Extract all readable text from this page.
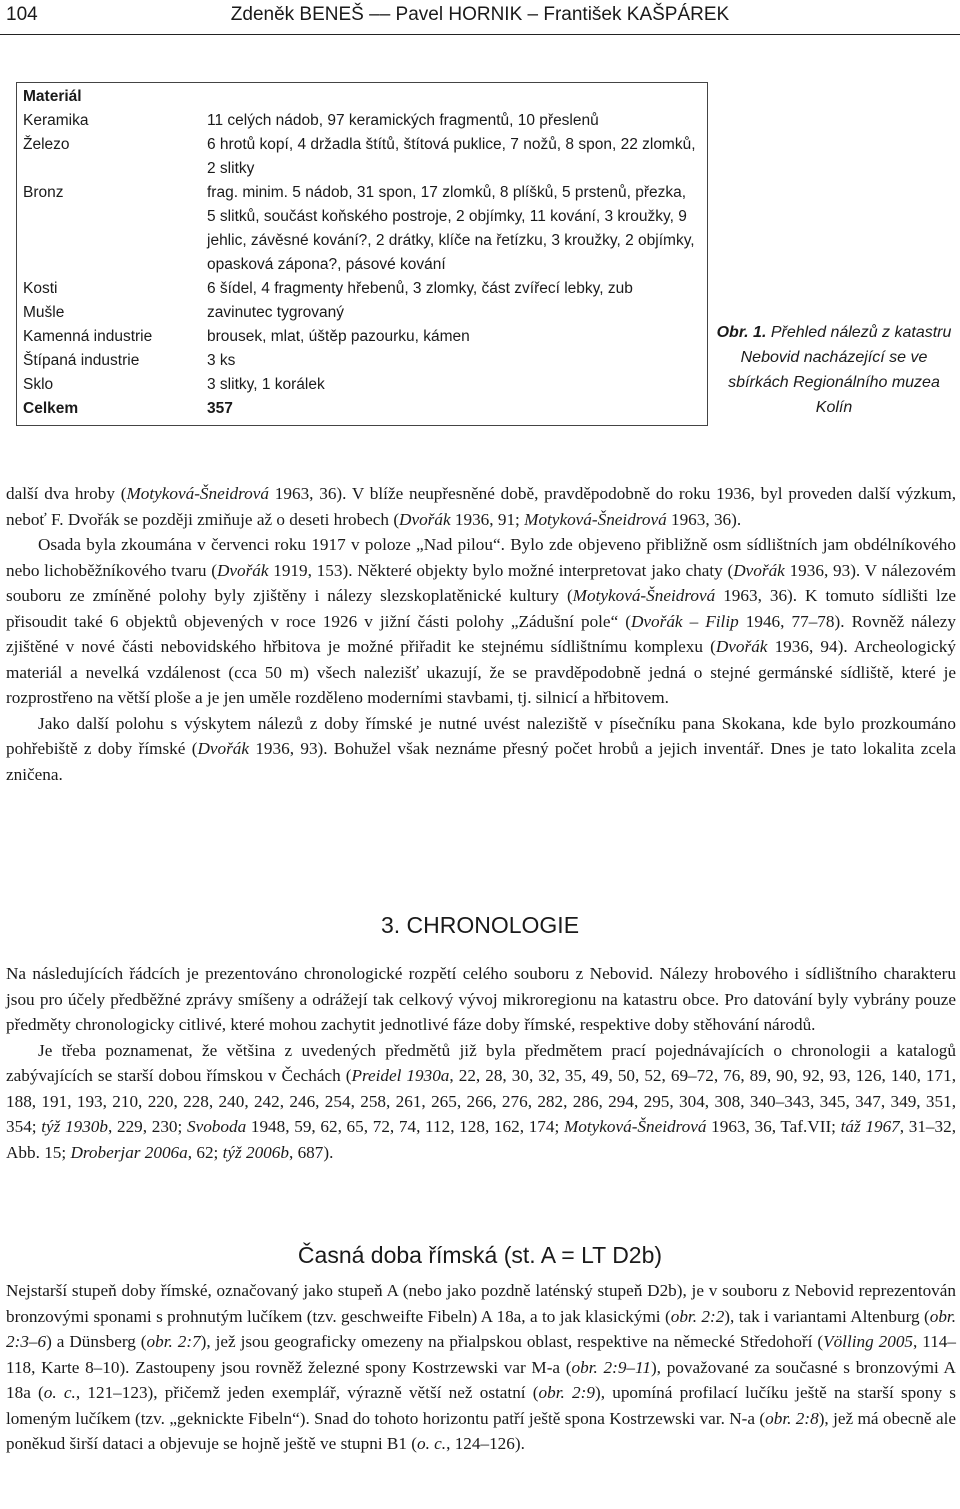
104	Zdeněk BENEŠ –– Pavel HORNIK – František KAŠPÁREK
Materiál	
Keramika	11 celých nádob, 97 keramických fragmentů, 10 přeslenů
Železo	6 hrotů kopí, 4 držadla štítů, štítová puklice, 7 nožů, 8 spon, 22 zlomků, 2 slitky
Bronz	frag. minim. 5 nádob, 31 spon, 17 zlomků, 8 plíšků, 5 prstenů, přezka, 5 slitků, součást koňského postroje, 2 objímky, 11 kování, 3 kroužky, 9 jehlic, závěsné kování?, 2 drátky, klíče na řetízku, 3 kroužky, 2 objímky, opasková zápona?, pásové kování
Kosti	6 šídel, 4 fragmenty hřebenů, 3 zlomky, část zvířecí lebky, zub
Mušle	zavinutec tygrovaný
Kamenná industrie	brousek, mlat, úštěp pazourku, kámen
Štípaná industrie	3 ks
Sklo	3 slitky, 1 korálek
Celkem	357
Obr. 1. Přehled nálezů z katastru Nebovid nacházející se ve sbírkách Regionálního muzea Kolín

další dva hroby (Motyková-Šneidrová 1963, 36). V blíže neupřesněné době, pravděpodobně do roku 1936, byl proveden další výzkum, neboť F. Dvořák se později zmiňuje až o deseti hrobech (Dvořák 1936, 91; Motyková-Šneidrová 1963, 36).

Osada byla zkoumána v červenci roku 1917 v poloze „Nad pilou“. Bylo zde objeveno přibližně osm sídlištních jam obdélníkového nebo lichoběžníkového tvaru (Dvořák 1919, 153). Některé objekty bylo možné interpretovat jako chaty (Dvořák 1936, 93). V nálezovém souboru ze zmíněné polohy byly zjištěny i nálezy slezskoplatěnické kultury (Motyková-Šneidrová 1963, 36). K tomuto sídlišti lze přisoudit také 6 objektů objevených v roce 1926 v jižní části polohy „Zádušní pole“ (Dvořák – Filip 1946, 77–78). Rovněž nálezy zjištěné v nové části nebovidského hřbitova je možné přiřadit ke stejnému sídlištnímu komplexu (Dvořák 1936, 94). Archeologický materiál a nevelká vzdálenost (cca 50 m) všech nalezišť ukazují, že se pravděpodobně jedná o stejné germánské sídliště, které je rozprostřeno na větší ploše a je jen uměle rozděleno moderními stavbami, tj. silnicí a hřbitovem.

Jako další polohu s výskytem nálezů z doby římské je nutné uvést naleziště v písečníku pana Skokana, kde bylo prozkoumáno pohřebiště z doby římské (Dvořák 1936, 93). Bohužel však neznáme přesný počet hrobů a jejich inventář. Dnes je tato lokalita zcela zničena.

3. CHRONOLOGIE

Na následujících řádcích je prezentováno chronologické rozpětí celého souboru z Nebovid. Nálezy hrobového i sídlištního charakteru jsou pro účely předběžné zprávy smíšeny a odrážejí tak celkový vývoj mikroregionu na katastru obce. Pro datování byly vybrány pouze předměty chronologicky citlivé, které mohou zachytit jednotlivé fáze doby římské, respektive doby stěhování národů.

Je třeba poznamenat, že většina z uvedených předmětů již byla předmětem prací pojednávajících o chronologii a katalogů zabývajících se starší dobou římskou v Čechách (Preidel 1930a, 22, 28, 30, 32, 35, 49, 50, 52, 69–72, 76, 89, 90, 92, 93, 126, 140, 171, 188, 191, 193, 210, 220, 228, 240, 242, 246, 254, 258, 261, 265, 266, 276, 282, 286, 294, 295, 304, 308, 340–343, 345, 347, 349, 351, 354; týž 1930b, 229, 230; Svoboda 1948, 59, 62, 65, 72, 74, 112, 128, 162, 174; Motyková-Šneidrová 1963, 36, Taf.VII; táž 1967, 31–32, Abb. 15; Droberjar 2006a, 62; týž 2006b, 687).

Časná doba římská (st. A = LT D2b)

Nejstarší stupeň doby římské, označovaný jako stupeň A (nebo jako pozdně laténský stupeň D2b), je v souboru z Nebovid reprezentován bronzovými sponami s prohnutým lučíkem (tzv. geschweifte Fibeln) A 18a, a to jak klasickými (obr. 2:2), tak i variantami Altenburg (obr. 2:3–6) a Dünsberg (obr. 2:7), jež jsou geograficky omezeny na přialpskou oblast, respektive na německé Středohoří (Völling 2005, 114–118, Karte 8–10). Zastoupeny jsou rovněž železné spony Kostrzewski var M-a (obr. 2:9–11), považované za současné s bronzovými A 18a (o. c., 121–123), přičemž jeden exemplář, výrazně větší než ostatní (obr. 2:9), upomíná profilací lučíku ještě na starší spony s lomeným lučíkem (tzv. „geknickte Fibeln“). Snad do tohoto horizontu patří ještě spona Kostrzewski var. N-a (obr. 2:8), jež má obecně ale poněkud širší dataci a objevuje se hojně ještě ve stupni B1 (o. c., 124–126).
